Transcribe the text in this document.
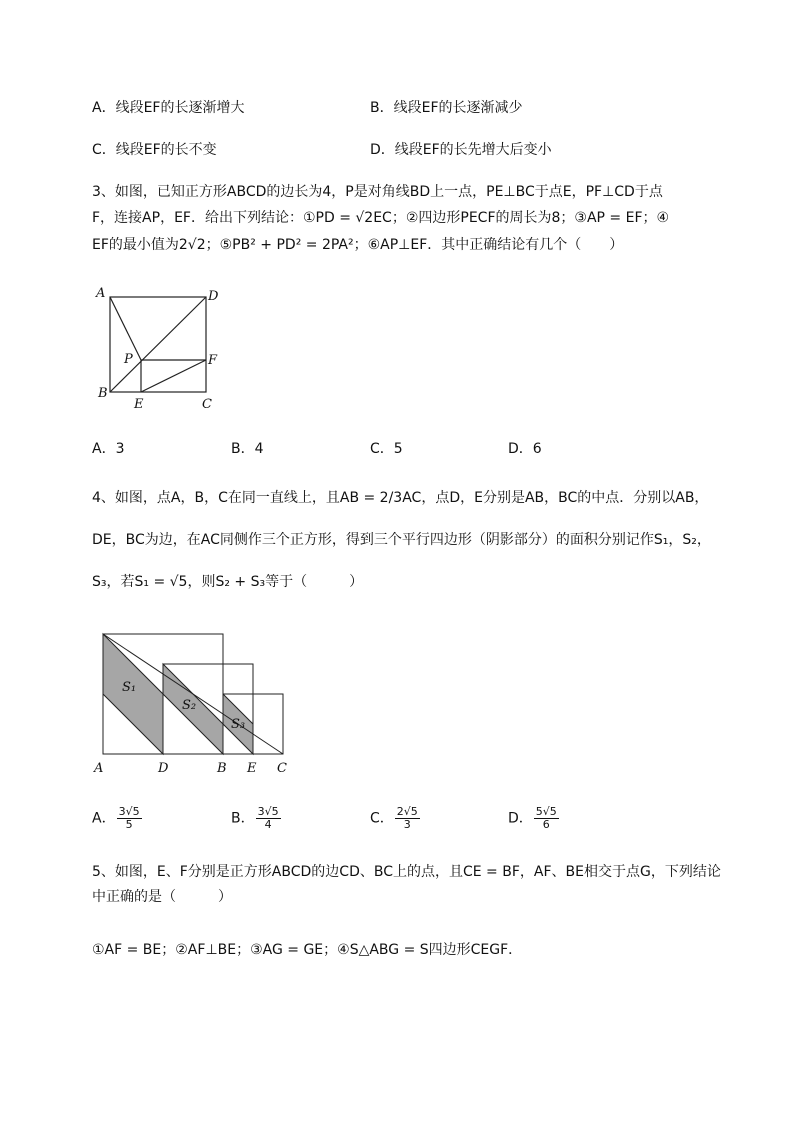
A．线段EF的长逐渐增大	B．线段EF的长逐渐减少
C．线段EF的长不变	D．线段EF的长先增大后变小
3、如图，已知正方形ABCD的边长为4，P是对角线BD上一点，PE⊥BC于点E，PF⊥CD于点
F，连接AP，EF．给出下列结论：①PD = √2EC；②四边形PECF的周长为8；③AP = EF；④
EF的最小值为2√2；⑤PB² + PD² = 2PA²；⑥AP⊥EF．其中正确结论有几个（　　）
A	D
P	F
B
E	C
A．3	B．4	C．5	D．6
4、如图，点A，B，C在同一直线上，且AB = 2/3AC，点D，E分别是AB，BC的中点．分别以AB，
DE，BC为边，在AC同侧作三个正方形，得到三个平行四边形（阴影部分）的面积分别记作S₁，S₂，
S₃，若S₁ = √5，则S₂ + S₃等于（　　　）
S₁
S₂
S₃
A	D	B E C
A． $\frac{3√5}{5}$	B． $\frac{3√5}{4}$	C． $\frac{2√5}{3}$	D． $\frac{5√5}{6}$
5、如图，E、F分别是正方形ABCD的边CD、BC上的点，且CE = BF，AF、BE相交于点G，下列结论
中正确的是（　　　）
①AF = BE；②AF⊥BE；③AG = GE；④S△ABG = S四边形CEGF．
